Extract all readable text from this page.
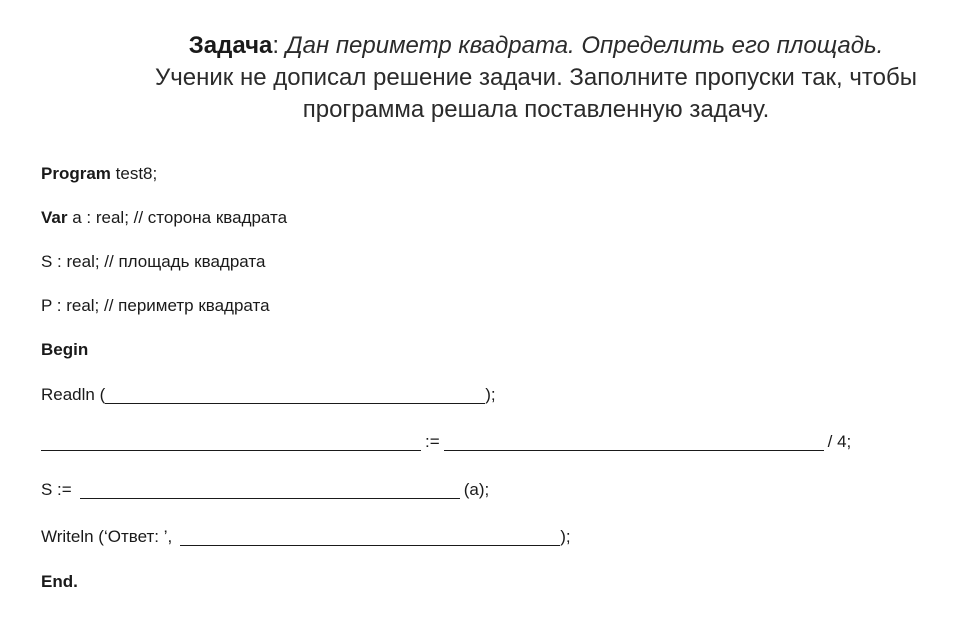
Задача: Дан периметр квадрата. Определить его площадь.
Ученик не дописал решение задачи. Заполните пропуски так, чтобы
программа решала поставленную задачу.
Program test8;
Var a : real; // сторона квадрата
S : real; // площадь квадрата
P : real; // периметр квадрата
Begin
Readln (	);
:=	/ 4;
S :=	(a);
Writeln (‘Ответ: ’,	);
End.
